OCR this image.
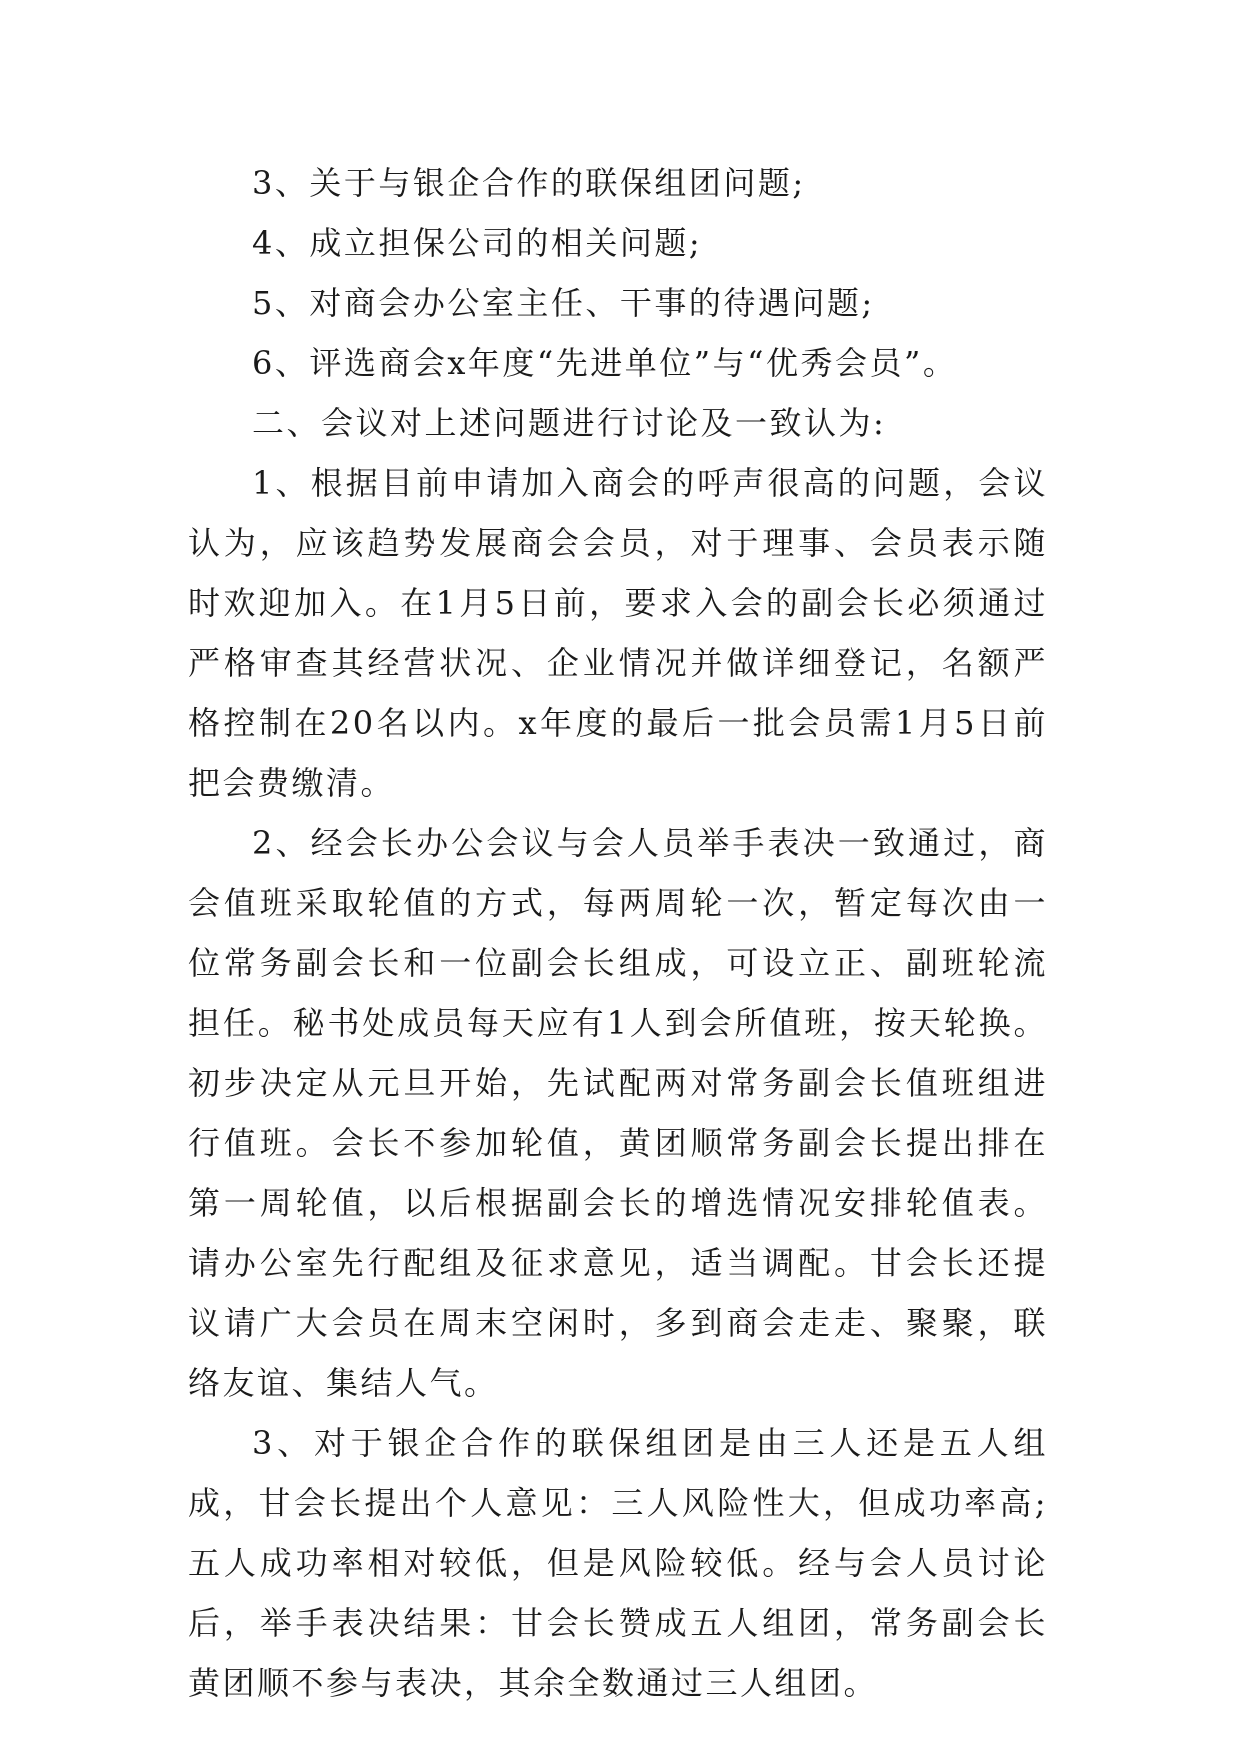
3、关于与银企合作的联保组团问题;

4、成立担保公司的相关问题;

5、对商会办公室主任、干事的待遇问题;

6、评选商会x年度“先进单位”与“优秀会员”。

二、会议对上述问题进行讨论及一致认为:

1、根据目前申请加入商会的呼声很高的问题，会议认为，应该趋势发展商会会员，对于理事、会员表示随时欢迎加入。在1月5日前，要求入会的副会长必须通过严格审查其经营状况、企业情况并做详细登记，名额严格控制在20名以内。x年度的最后一批会员需1月5日前把会费缴清。

2、经会长办公会议与会人员举手表决一致通过，商会值班采取轮值的方式，每两周轮一次，暂定每次由一位常务副会长和一位副会长组成，可设立正、副班轮流担任。秘书处成员每天应有1人到会所值班，按天轮换。初步决定从元旦开始，先试配两对常务副会长值班组进行值班。会长不参加轮值，黄团顺常务副会长提出排在第一周轮值，以后根据副会长的增选情况安排轮值表。请办公室先行配组及征求意见，适当调配。甘会长还提议请广大会员在周末空闲时，多到商会走走、聚聚，联络友谊、集结人气。

3、对于银企合作的联保组团是由三人还是五人组成，甘会长提出个人意见：三人风险性大，但成功率高;五人成功率相对较低，但是风险较低。经与会人员讨论后，举手表决结果：甘会长赞成五人组团，常务副会长黄团顺不参与表决，其余全数通过三人组团。
